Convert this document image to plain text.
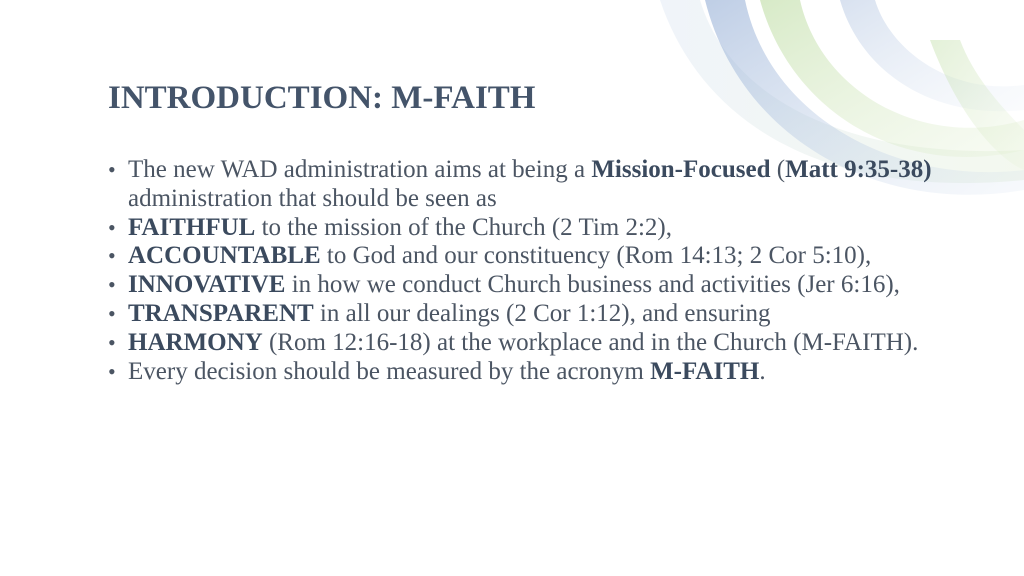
INTRODUCTION: M-FAITH
• The new WAD administration aims at being a Mission-Focused (Matt 9:35-38) administration that should be seen as
• FAITHFUL to the mission of the Church (2 Tim 2:2),
• ACCOUNTABLE to God and our constituency (Rom 14:13; 2 Cor 5:10),
• INNOVATIVE in how we conduct Church business and activities (Jer 6:16),
• TRANSPARENT in all our dealings (2 Cor 1:12), and ensuring
• HARMONY (Rom 12:16-18) at the workplace and in the Church (M-FAITH).
• Every decision should be measured by the acronym M-FAITH.
